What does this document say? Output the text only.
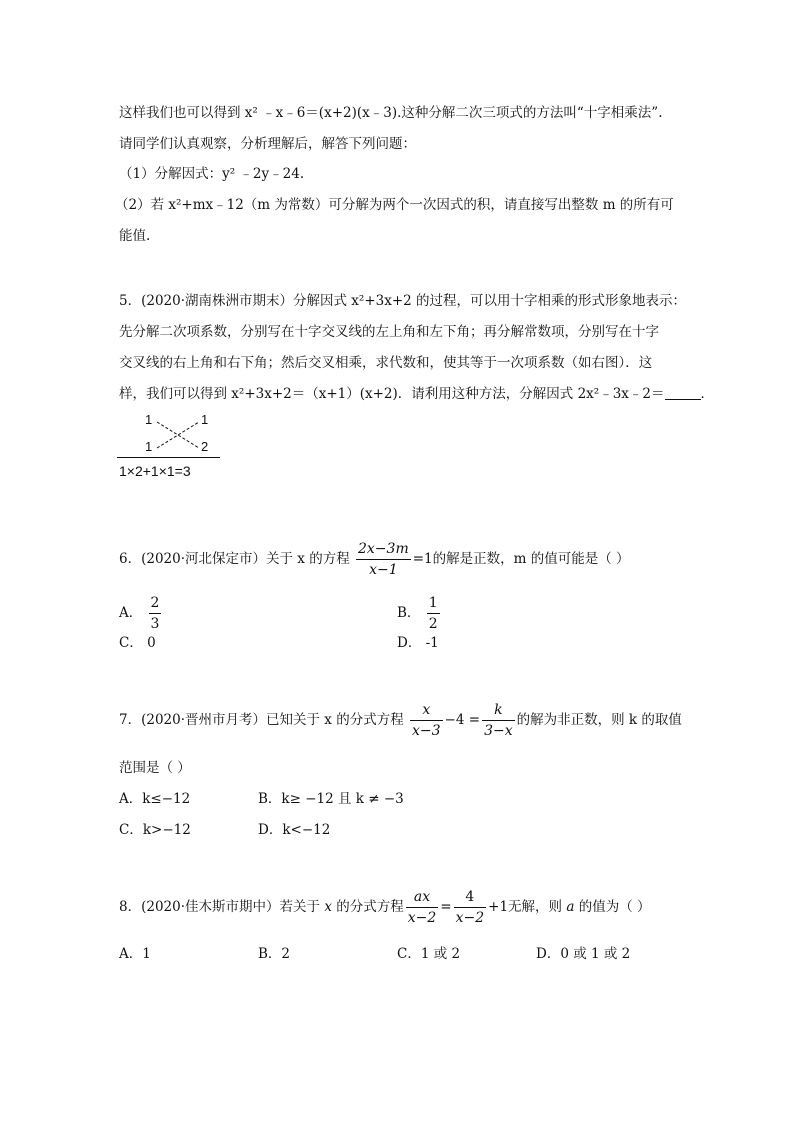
这样我们也可以得到 x² ﹣x﹣6＝(x+2)(x﹣3).这种分解二次三项式的方法叫“十字相乘法”.
请同学们认真观察，分析理解后，解答下列问题：
（1）分解因式：y² ﹣2y﹣24.
（2）若 x²+mx﹣12（m 为常数）可分解为两个一次因式的积，请直接写出整数 m 的所有可
能值.
5．(2020·湖南株洲市期末）分解因式 x²+3x+2 的过程，可以用十字相乘的形式形象地表示：
先分解二次项系数，分别写在十字交叉线的左上角和左下角；再分解常数项，分别写在十字
交叉线的右上角和右下角；然后交叉相乘，求代数和，使其等于一次项系数（如右图）．这
样，我们可以得到 x²+3x+2＝（x+1）(x+2)．请利用这种方法，分解因式 2x²﹣3x﹣2＝	．
1	1
1	2
1×2+1×1=3
6．(2020·河北保定市）关于 x 的方程 $\frac{2x-3m}{x-1} =1$的解是正数，m 的值可能是（ ）
A． $\frac{2}{3}$	B． $\frac{1}{2}$
C． 0	D． -1
7．(2020·晋州市月考）已知关于 x 的分式方程 $\frac{x}{x-3} -4 = \frac{k}{3-x}$ 的解为非正数，则 k 的取值
范围是（ ）
A．k≤−12	B．k≥ −12 且 k ≠ −3
C．k>−12	D．k<−12
8．(2020·佳木斯市期中）若关于 x 的分式方程 $\frac{ax}{x-2} = \frac{4}{x-2} +1$无解，则 a 的值为（ ）
A．1	B．2	C．1 或 2	D．0 或 1 或 2
